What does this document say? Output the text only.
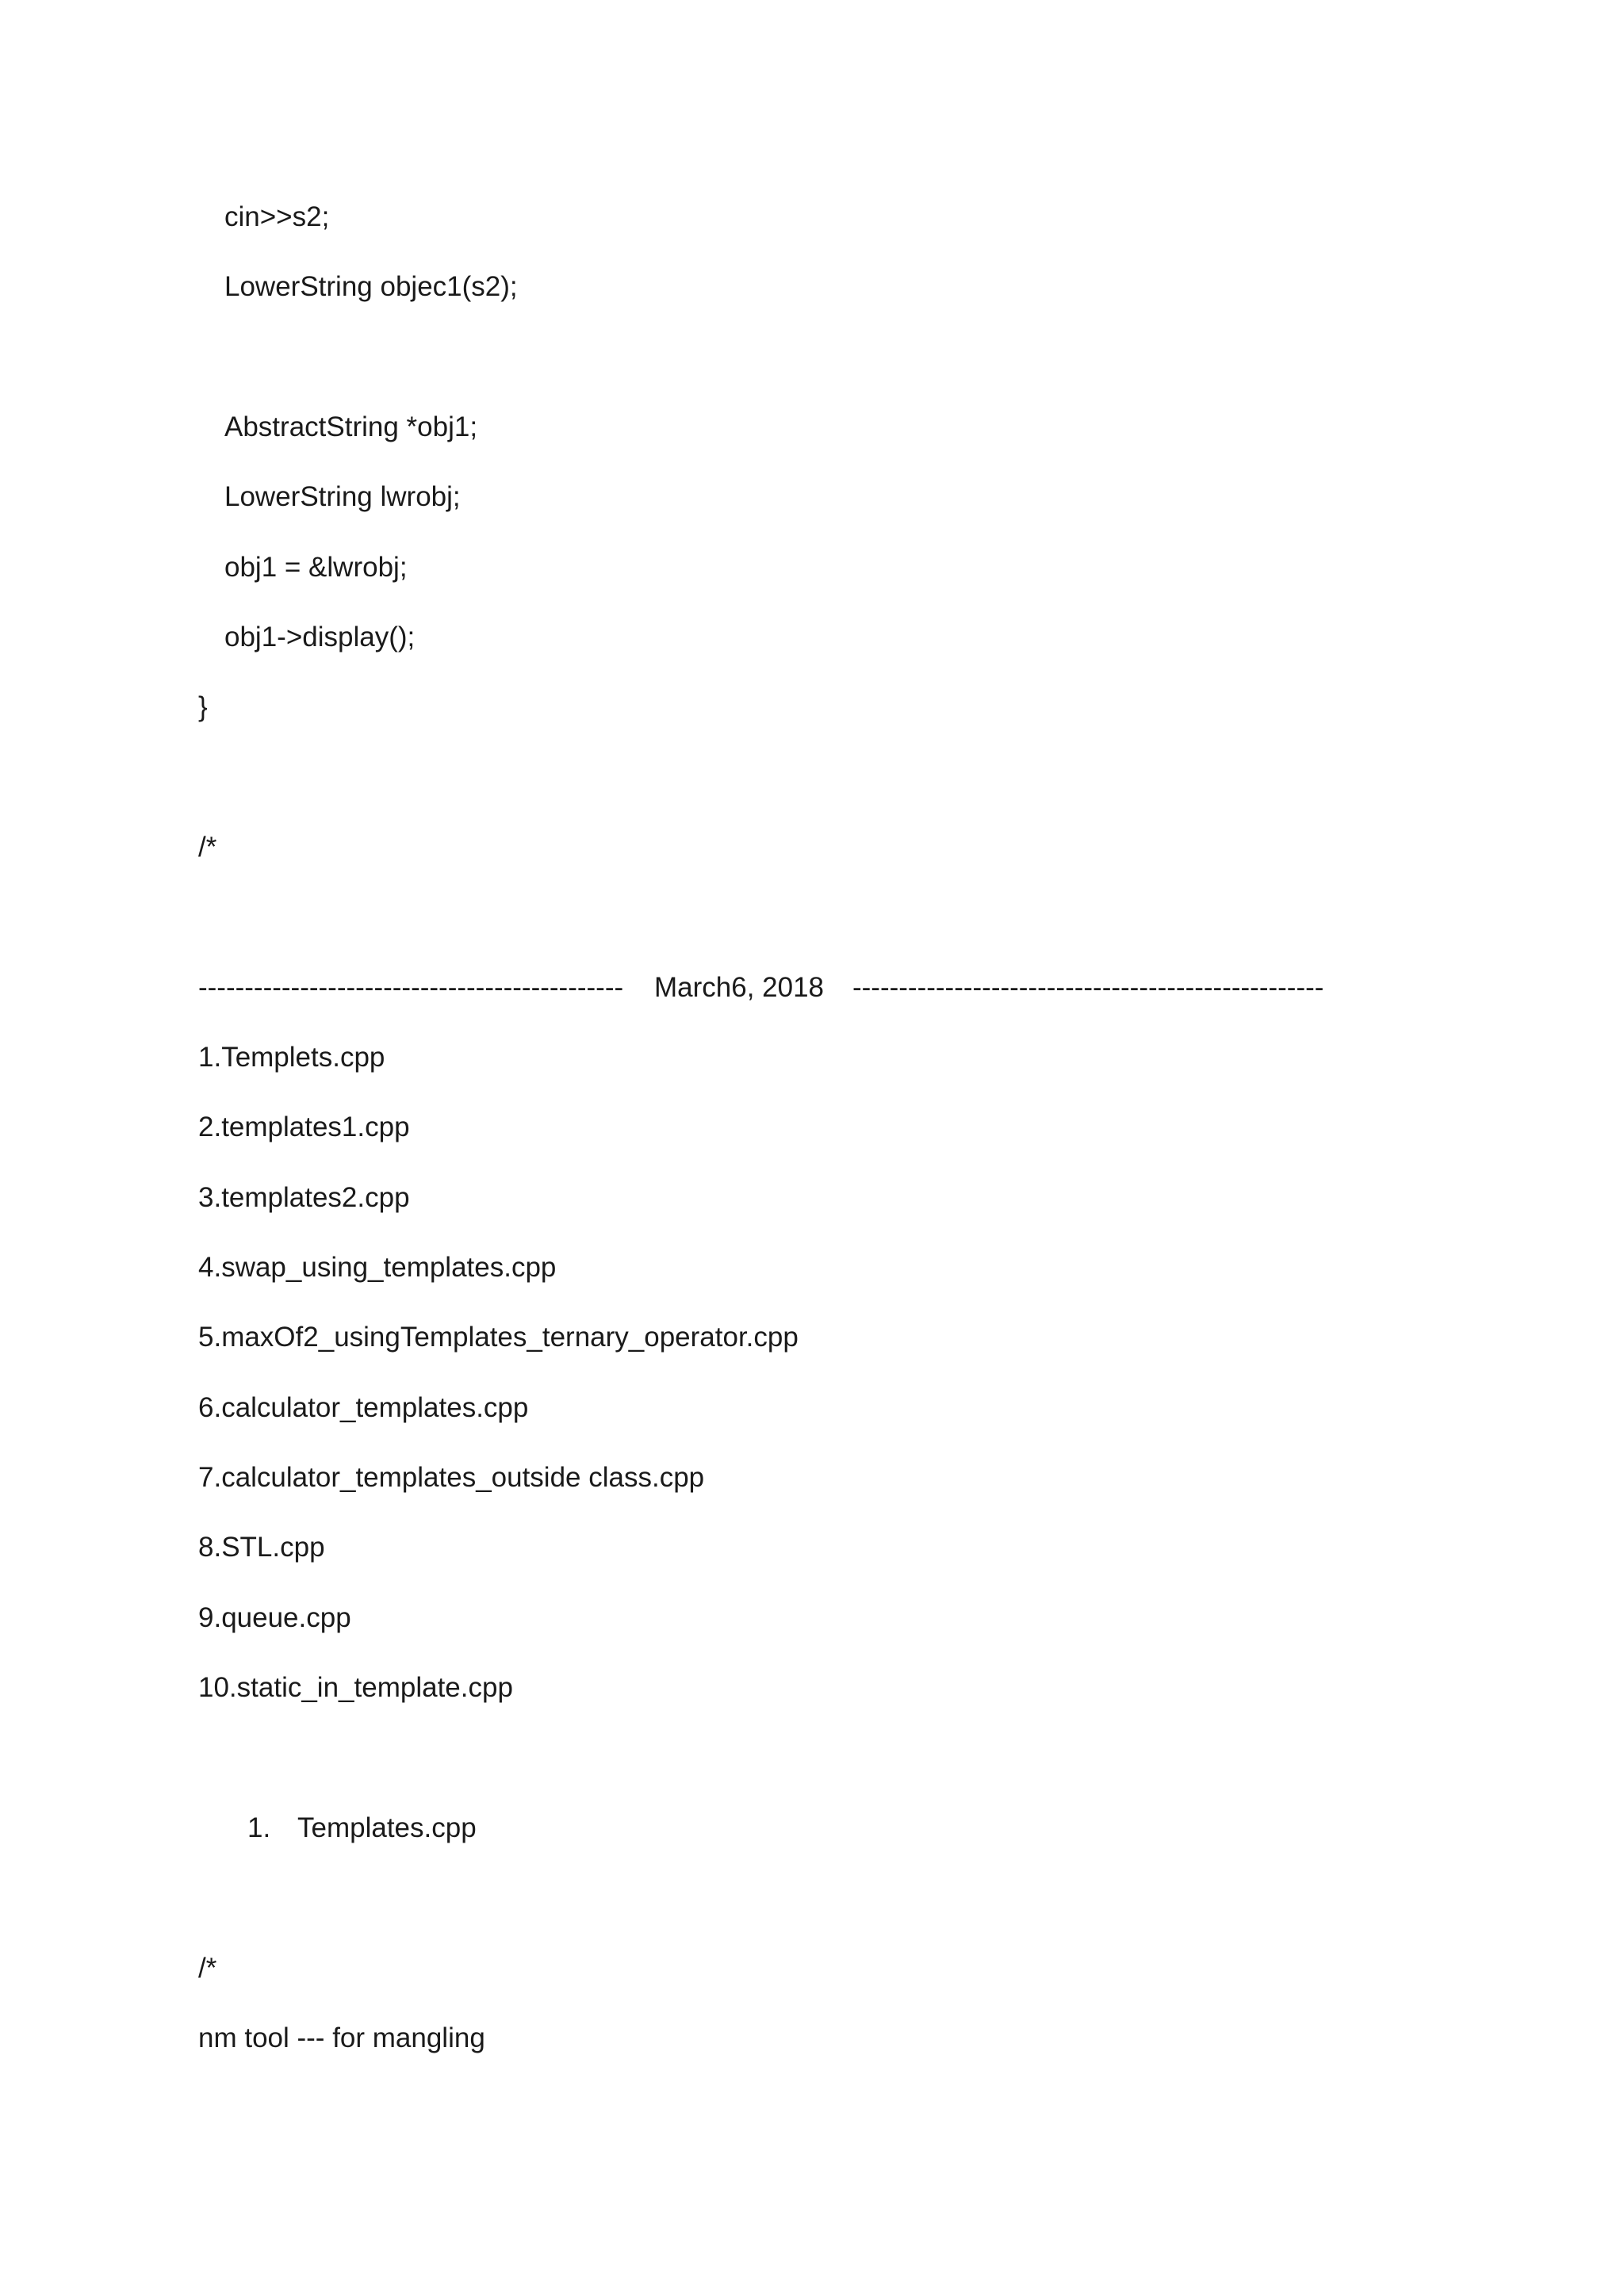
cin>>s2;
LowerString objec1(s2);
AbstractString *obj1;
LowerString lwrobj;
obj1 = &lwrobj;
obj1->display();
}
/*
---------------------------------------------- March6, 2018 ---------------------------------------------------
1.Templets.cpp
2.templates1.cpp
3.templates2.cpp
4.swap_using_templates.cpp
5.maxOf2_usingTemplates_ternary_operator.cpp
6.calculator_templates.cpp
7.calculator_templates_outside class.cpp
8.STL.cpp
9.queue.cpp
10.static_in_template.cpp
1. Templates.cpp
/*
nm tool --- for mangling
